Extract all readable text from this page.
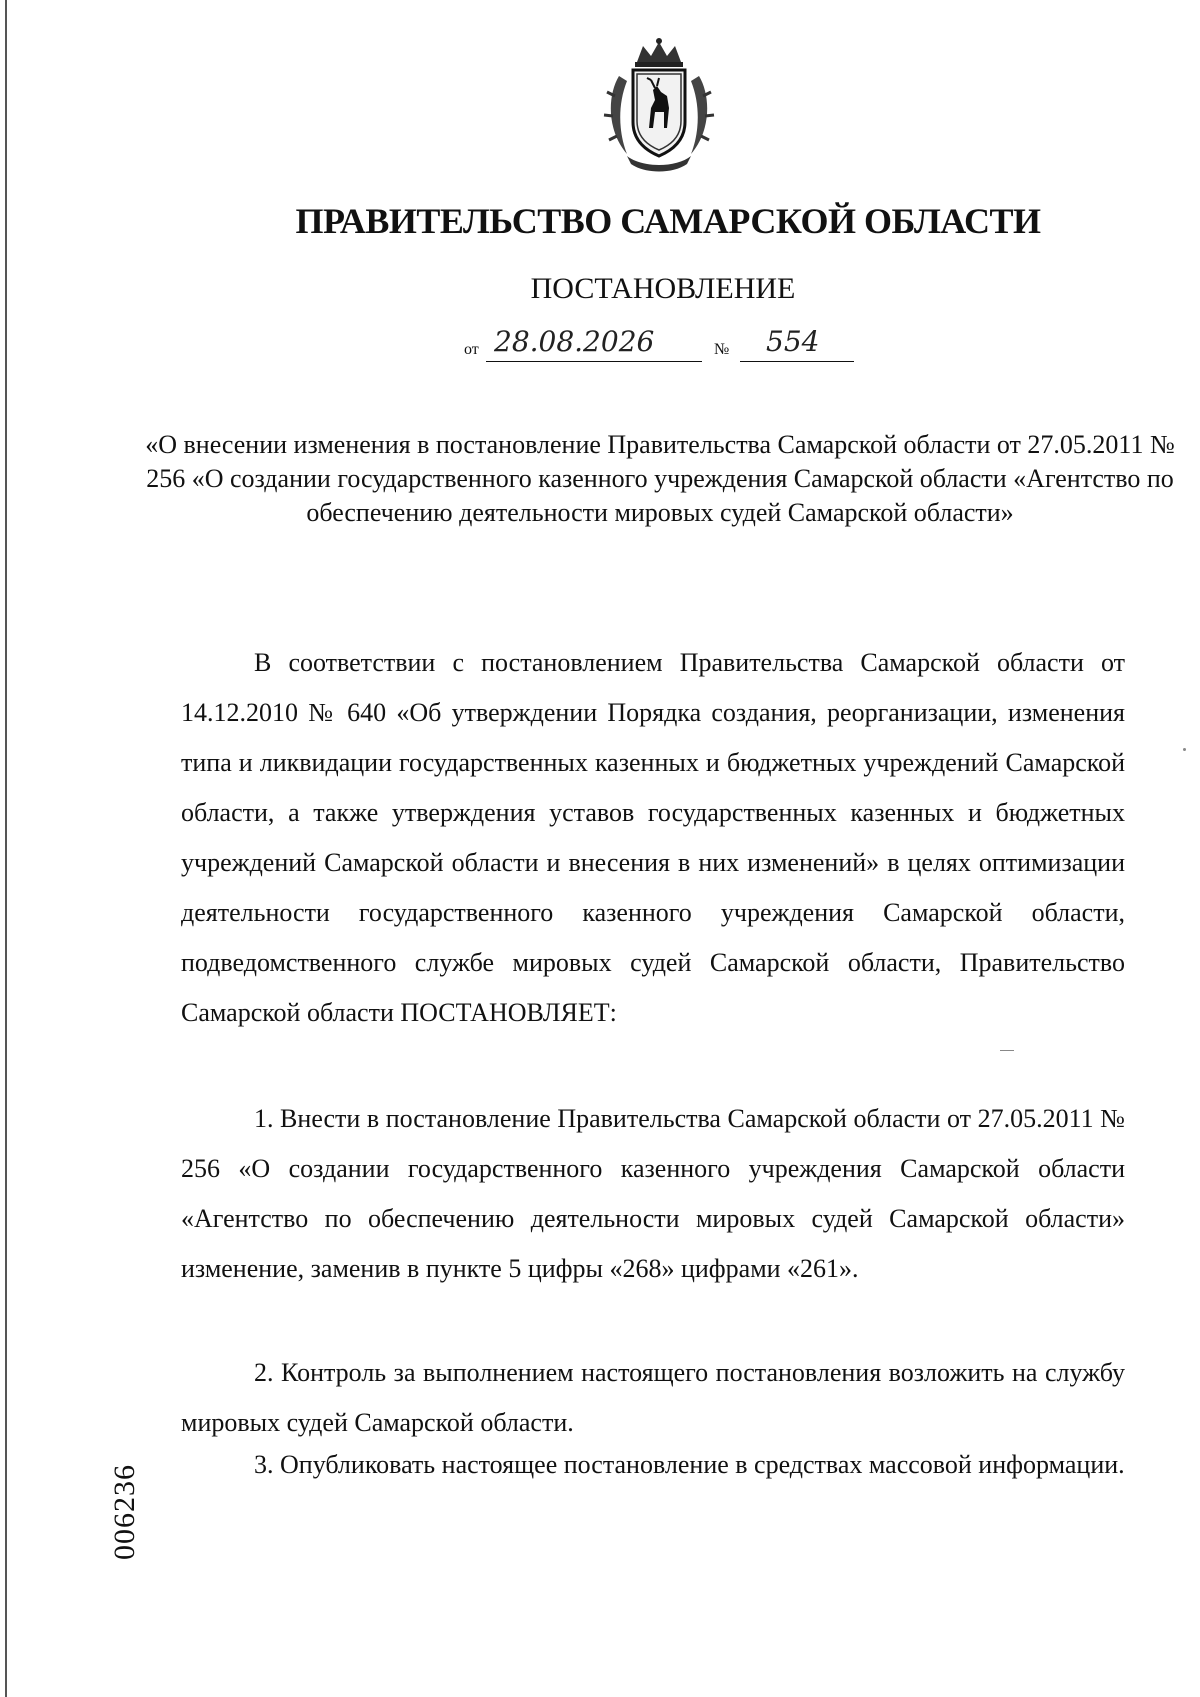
ПРАВИТЕЛЬСТВО САМАРСКОЙ ОБЛАСТИ
ПОСТАНОВЛЕНИЕ
от 28.08.2026	№ 554
«О внесении изменения в постановление Правительства Самарской области от 27.05.2011 № 256 «О создании государственного казенного учреждения Самарской области «Агентство по обеспечению деятельности мировых судей Самарской области»
В соответствии с постановлением Правительства Самарской области от 14.12.2010 № 640 «Об утверждении Порядка создания, реорганизации, изменения типа и ликвидации государственных казенных и бюджетных учреждений Самарской области, а также утверждения уставов государственных казенных и бюджетных учреждений Самарской области и внесения в них изменений» в целях оптимизации деятельности государственного казенного учреждения Самарской области, подведомственного службе мировых судей Самарской области, Правительство Самарской области ПОСТАНОВЛЯЕТ:
1. Внести в постановление Правительства Самарской области от 27.05.2011 № 256 «О создании государственного казенного учреждения Самарской области «Агентство по обеспечению деятельности мировых судей Самарской области» изменение, заменив в пункте 5 цифры «268» цифрами «261».
2. Контроль за выполнением настоящего постановления возложить на службу мировых судей Самарской области.
3. Опубликовать настоящее постановление в средствах массовой информации.
006236
